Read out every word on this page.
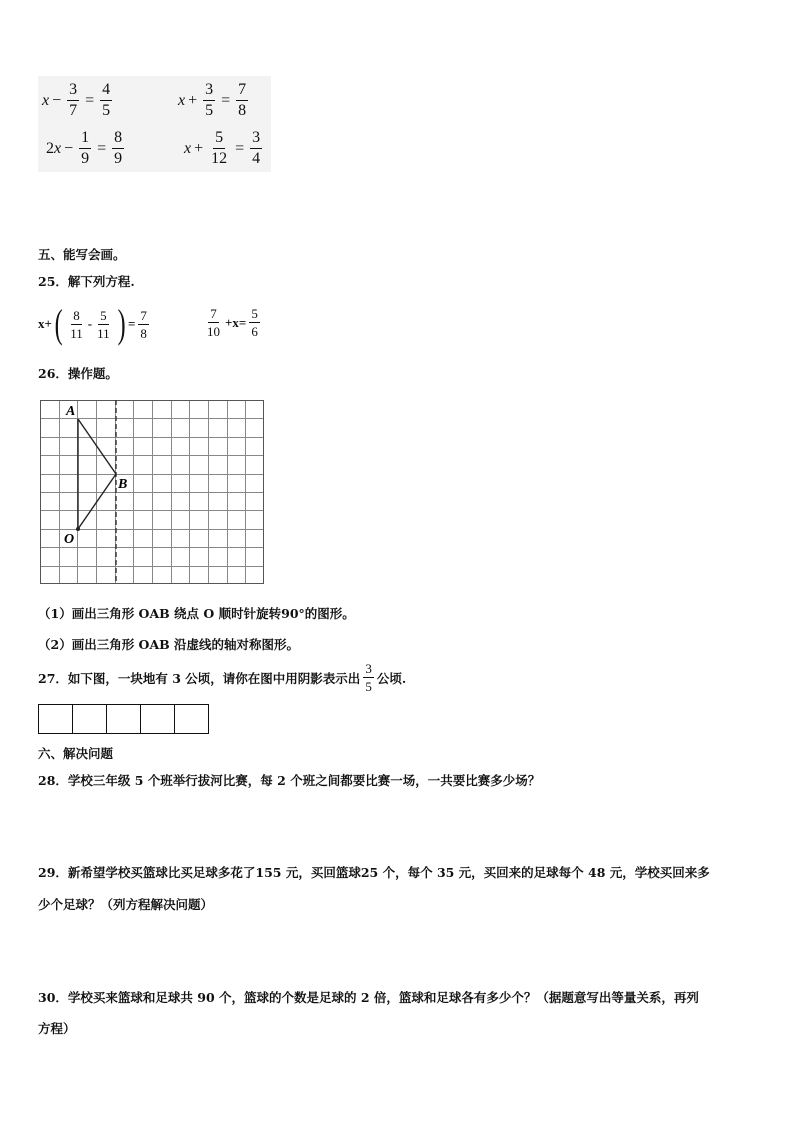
$x - \frac{3}{7} = \frac{4}{5}$	$x + \frac{3}{5} = \frac{7}{8}$
2 $x - \frac{1}{9} = \frac{8}{9}$	$x + \frac{5}{12} = \frac{3}{4}$
五、能写会画。
25．解下列方程.
x+ ( $\frac{8}{11} - \frac{5}{11}$ ) = $\frac{7}{8}$	$\frac{7}{10} +x= \frac{5}{6}$
26．操作题。
A
B
O
（1）画出三角形 OAB 绕点 O 顺时针旋转90°的图形。
（2）画出三角形 OAB 沿虚线的轴对称图形。
27．如下图，一块地有 3 公顷，请你在图中用阴影表示出 $\frac{3}{5}$ 公顷.
六、解决问题
28．学校三年级 5 个班举行拔河比赛，每 2 个班之间都要比赛一场，一共要比赛多少场？
29．新希望学校买篮球比买足球多花了155 元，买回篮球25 个，每个 35 元，买回来的足球每个 48 元，学校买回来多
少个足球？（列方程解决问题）
30．学校买来篮球和足球共 90 个，篮球的个数是足球的 2 倍，篮球和足球各有多少个？（据题意写出等量关系，再列
方程）
